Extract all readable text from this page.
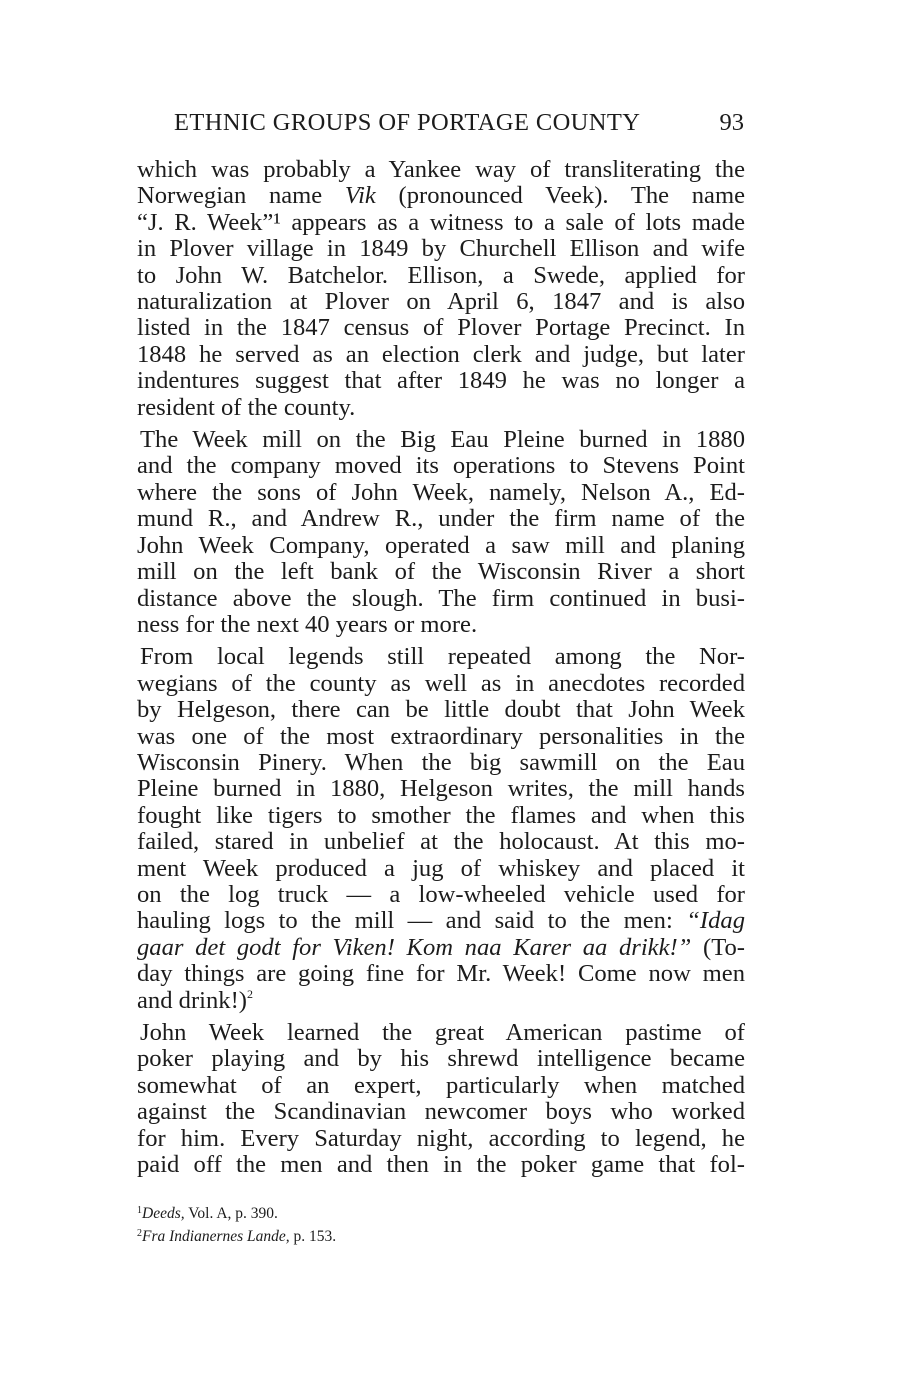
ETHNIC GROUPS OF PORTAGE COUNTY	93
which was probably a Yankee way of transliterating the
Norwegian name Vik (pronounced Veek). The name
“J. R. Week”¹ appears as a witness to a sale of lots made
in Plover village in 1849 by Churchell Ellison and wife
to John W. Batchelor. Ellison, a Swede, applied for
naturalization at Plover on April 6, 1847 and is also
listed in the 1847 census of Plover Portage Precinct. In
1848 he served as an election clerk and judge, but later
indentures suggest that after 1849 he was no longer a
resident of the county.
The Week mill on the Big Eau Pleine burned in 1880
and the company moved its operations to Stevens Point
where the sons of John Week, namely, Nelson A., Ed-
mund R., and Andrew R., under the firm name of the
John Week Company, operated a saw mill and planing
mill on the left bank of the Wisconsin River a short
distance above the slough. The firm continued in busi-
ness for the next 40 years or more.
From local legends still repeated among the Nor-
wegians of the county as well as in anecdotes recorded
by Helgeson, there can be little doubt that John Week
was one of the most extraordinary personalities in the
Wisconsin Pinery. When the big sawmill on the Eau
Pleine burned in 1880, Helgeson writes, the mill hands
fought like tigers to smother the flames and when this
failed, stared in unbelief at the holocaust. At this mo-
ment Week produced a jug of whiskey and placed it
on the log truck — a low-wheeled vehicle used for
hauling logs to the mill — and said to the men: “Idag
gaar det godt for Viken! Kom naa Karer aa drikk!” (To-
day things are going fine for Mr. Week! Come now men
and drink!)$^2$
John Week learned the great American pastime of
poker playing and by his shrewd intelligence became
somewhat of an expert, particularly when matched
against the Scandinavian newcomer boys who worked
for him. Every Saturday night, according to legend, he
paid off the men and then in the poker game that fol-
$^1$Deeds, Vol. A, p. 390.
$^2$Fra Indianernes Lande, p. 153.
